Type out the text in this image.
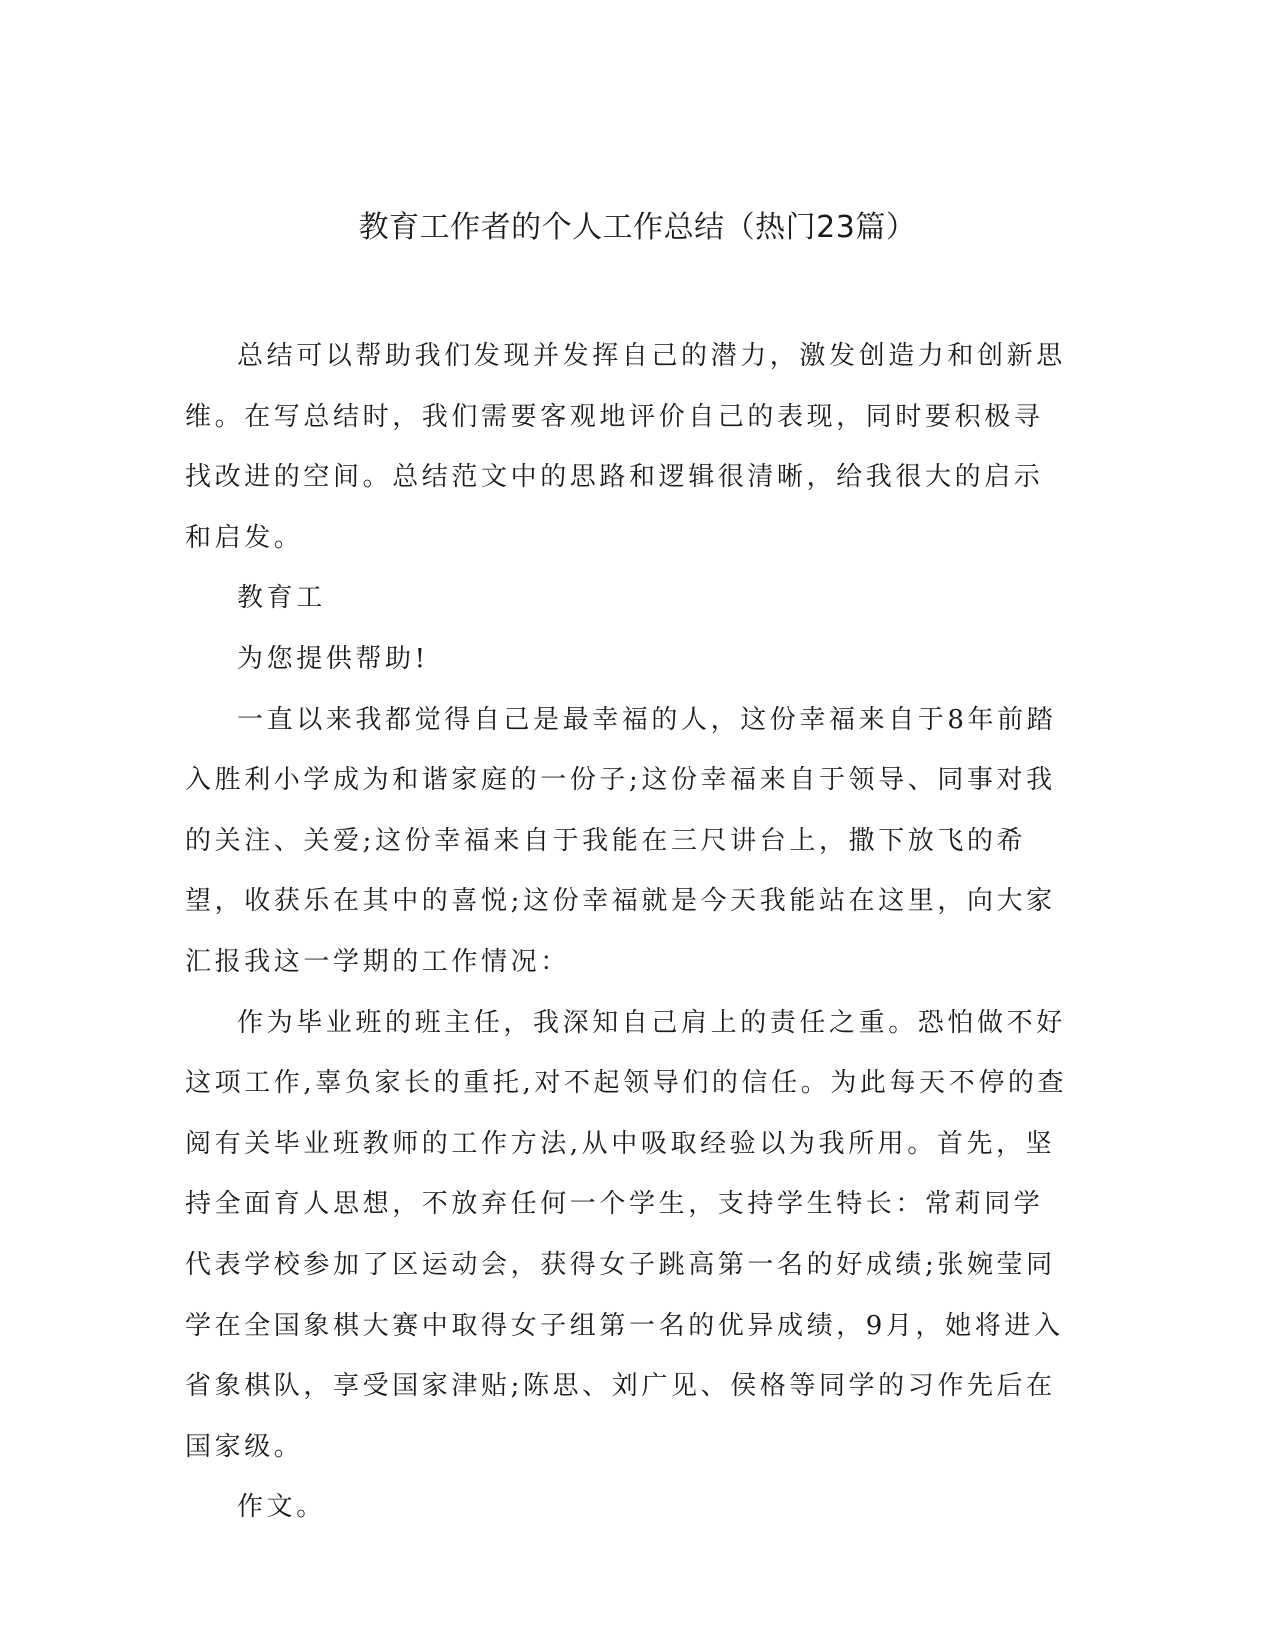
教育工作者的个人工作总结（热门23篇）

总结可以帮助我们发现并发挥自己的潜力，激发创造力和创新思维。在写总结时，我们需要客观地评价自己的表现，同时要积极寻找改进的空间。总结范文中的思路和逻辑很清晰，给我很大的启示和启发。

教育工

为您提供帮助!

一直以来我都觉得自己是最幸福的人，这份幸福来自于8年前踏入胜利小学成为和谐家庭的一份子;这份幸福来自于领导、同事对我的关注、关爱;这份幸福来自于我能在三尺讲台上，撒下放飞的希望，收获乐在其中的喜悦;这份幸福就是今天我能站在这里，向大家汇报我这一学期的工作情况：

作为毕业班的班主任，我深知自己肩上的责任之重。恐怕做不好这项工作,辜负家长的重托,对不起领导们的信任。为此每天不停的查阅有关毕业班教师的工作方法,从中吸取经验以为我所用。首先，坚持全面育人思想，不放弃任何一个学生，支持学生特长：常莉同学代表学校参加了区运动会，获得女子跳高第一名的好成绩;张婉莹同学在全国象棋大赛中取得女子组第一名的优异成绩，9月，她将进入省象棋队，享受国家津贴;陈思、刘广见、侯格等同学的习作先后在国家级。

作文。
